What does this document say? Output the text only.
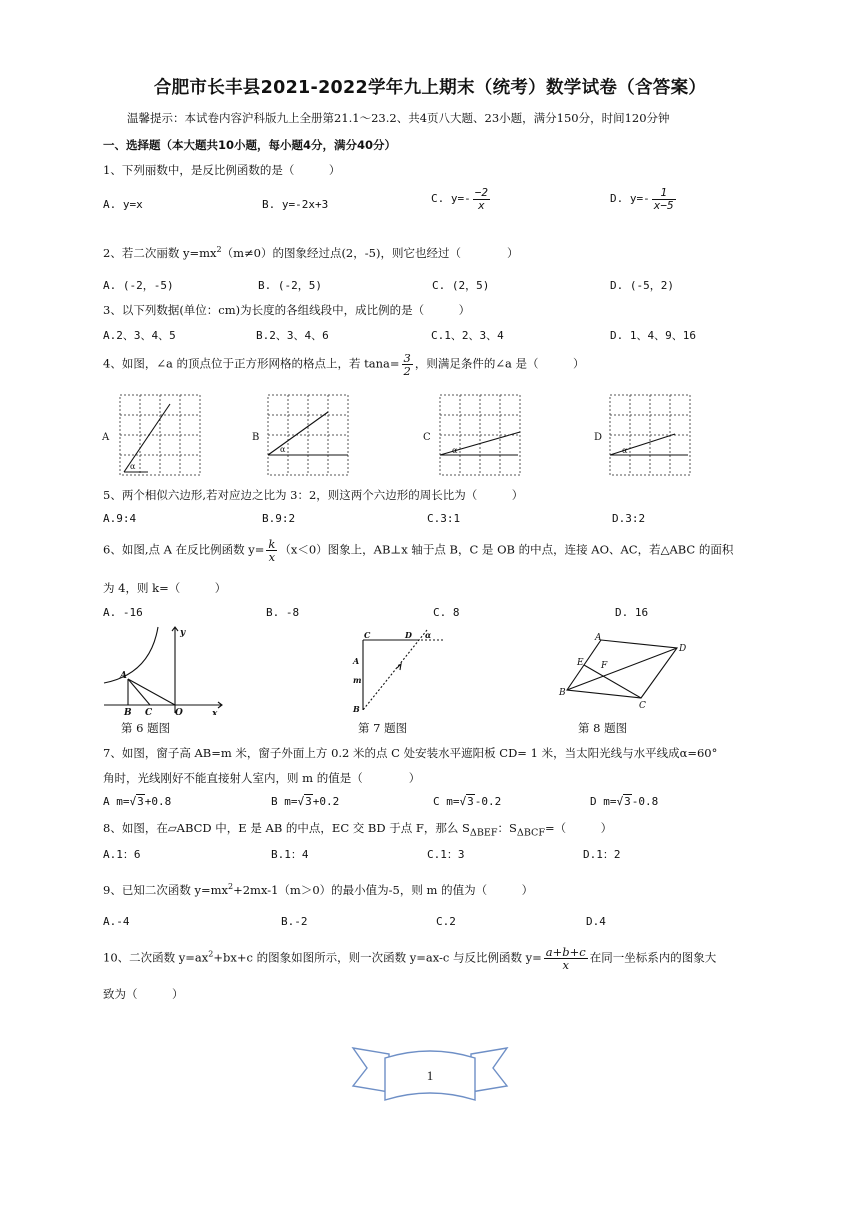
合肥市长丰县2021-2022学年九上期末（统考）数学试卷（含答案）
温馨提示：本试卷内容沪科版九上全册第21.1～23.2、共4页八大题、23小题，满分150分，时间120分钟
一、选择题（本大题共10小题，每小题4分，满分40分）
1、下列丽数中，是反比例函数的是（　　　）
A. y=x	B. y=-2x+3	C. $y=- \frac{-2}{x}$	D. $y=- \frac{1}{x-5}$
2、若二次丽数 $y=mx^2(m\ne 0)$的图象经过点(2，-5)，则它也经过（　　　　）
A. (-2，-5)	B. (-2，5)	C. (2，5)	D. (-5，2)
3、以下列数据(单位：cm)为长度的各组线段中，成比例的是（　　　）
A.2、3、4、5	B.2、3、4、6	C.1、2、3、4	D. 1、4、9、16
4、如图，∠a 的顶点位于正方形网格的格点上，若 $\tan a= \frac{3}{2}$ ，则满足条件的∠a 是（　　　）
A	B	C	D
α
α	α	α
5、两个相似六边形,若对应边之比为 3：2，则这两个六边形的周长比为（　　　）
A.9:4	B.9:2	C.3:1	D.3:2
6、如图,点 A 在反比例函数 $y= \frac{k}{x} (x<0)$图象上，AB⊥x 轴于点 B，C 是 OB 的中点，连接 AO、AC，若△ABC 的面积
为 4，则 k=（　　　）
A. -16	B. -8	C. 8	D. 16
y
x
A
B C	O
C	D
A
m
B
α	A
D
E F
B
C
第 6 题图	第 7 题图	第 8 题图
7、如图，窗子高 AB=m 米，窗子外面上方 0.2 米的点 C 处安装水平遮阳板 CD= 1 米，当太阳光线与水平线成α=60°
角时，光线刚好不能直接射人室内，则 m 的值是（　　　　）
A m=√3+0.8	B m=√3+0.2	C m=√3-0.2	D m=√3-0.8
8、如图，在▱ABCD 中，E 是 AB 的中点，EC 交 BD 于点 F，那么 $S_{\Delta BEF}$：$S_{\Delta BCF}=$（　　　）
A.1：6	B.1：4	C.1：3	D.1：2
9、已知二次函数 $y=mx^2+2mx-1(m>0)$的最小值为-5，则 m 的值为（　　　）
A.-4	B.-2	C.2	D.4
10、二次函数 $y=ax^2+bx+c$ 的图象如图所示，则一次函数 y=ax-c 与反比例函数 $y= \frac{a+b+c}{x}$ 在同一坐标系内的图象大
致为（　　　）
1
